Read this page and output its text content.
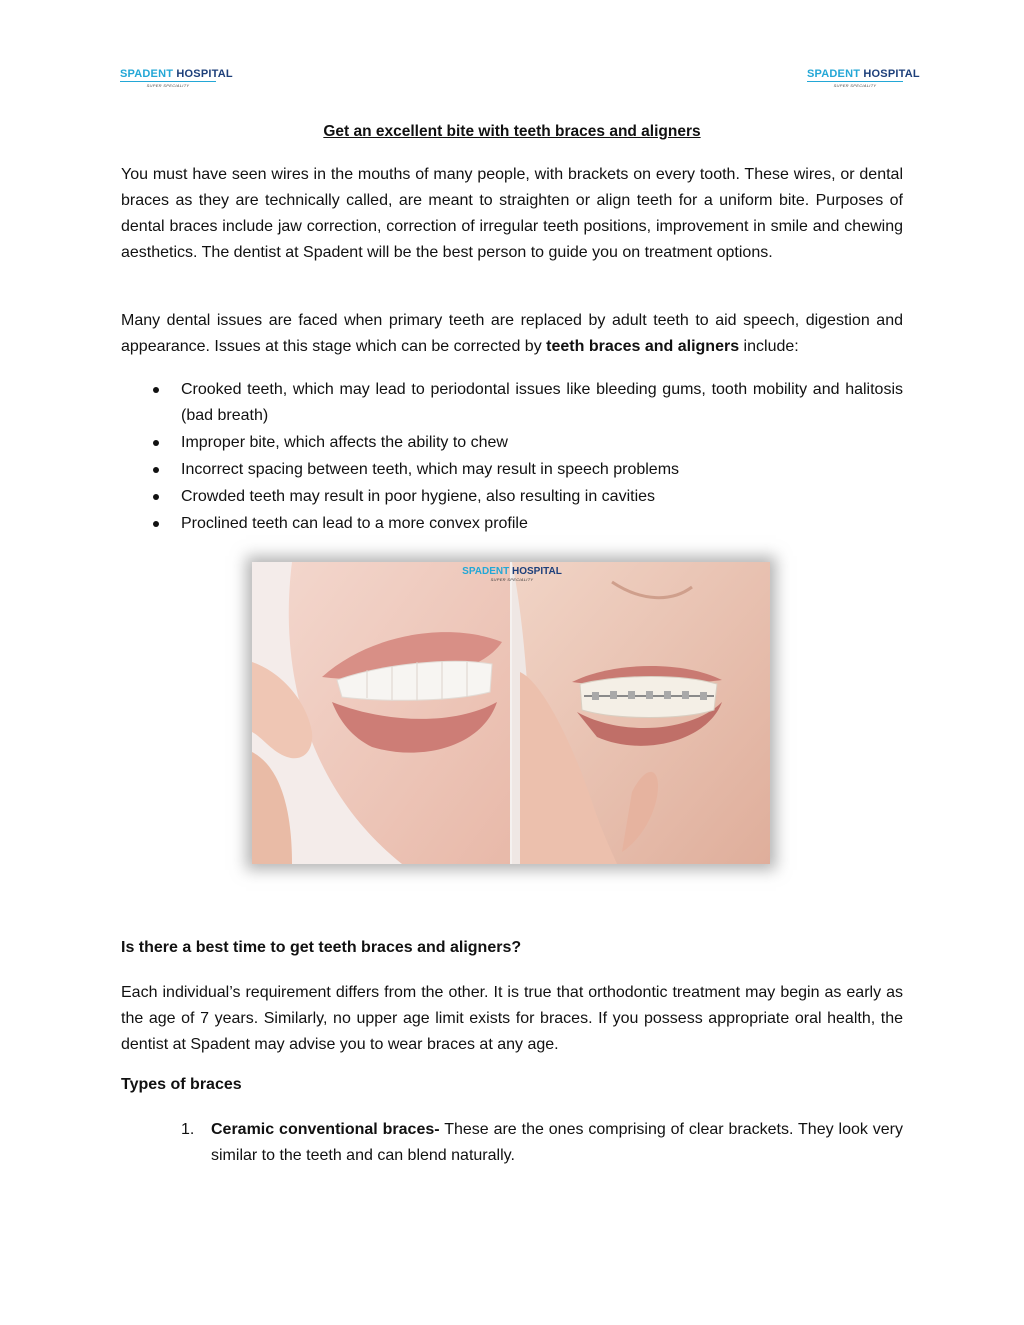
SPADENT HOSPITAL
SUPER SPECIALITY
SPADENT HOSPITAL
SUPER SPECIALITY
Get an excellent bite with teeth braces and aligners

You must have seen wires in the mouths of many people, with brackets on every tooth. These wires, or dental braces as they are technically called, are meant to straighten or align teeth for a uniform bite. Purposes of dental braces include jaw correction, correction of irregular teeth positions, improvement in smile and chewing aesthetics. The dentist at Spadent will be the best person to guide you on treatment options.

Many dental issues are faced when primary teeth are replaced by adult teeth to aid speech, digestion and appearance. Issues at this stage which can be corrected by teeth braces and aligners include:

Crooked teeth, which may lead to periodontal issues like bleeding gums, tooth mobility and halitosis (bad breath)
Improper bite, which affects the ability to chew
Incorrect spacing between teeth, which may result in speech problems
Crowded teeth may result in poor hygiene, also resulting in cavities
Proclined teeth can lead to a more convex profile
SPADENT HOSPITAL
SUPER SPECIALITY
Is there a best time to get teeth braces and aligners?

Each individual’s requirement differs from the other. It is true that orthodontic treatment may begin as early as the age of 7 years. Similarly, no upper age limit exists for braces. If you possess appropriate oral health, the dentist at Spadent may advise you to wear braces at any age.

Types of braces
1. Ceramic conventional braces- These are the ones comprising of clear brackets. They look very similar to the teeth and can blend naturally.
